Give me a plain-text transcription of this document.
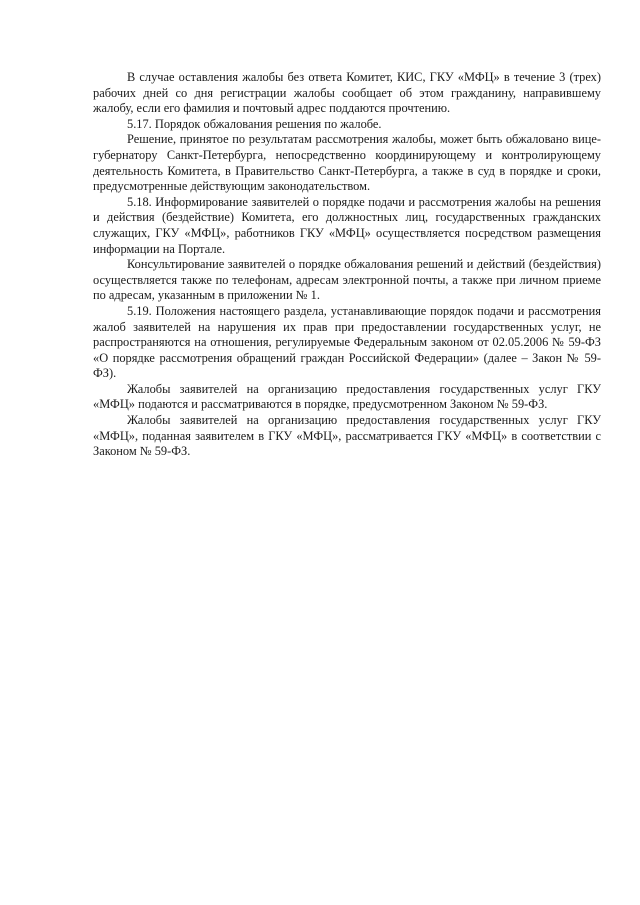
В случае оставления жалобы без ответа Комитет, КИС, ГКУ «МФЦ» в течение 3 (трех) рабочих дней со дня регистрации жалобы сообщает об этом гражданину, направившему жалобу, если его фамилия и почтовый адрес поддаются прочтению.

5.17. Порядок обжалования решения по жалобе.

Решение, принятое по результатам рассмотрения жалобы, может быть обжаловано вице-губернатору Санкт-Петербурга, непосредственно координирующему и контролирующему деятельность Комитета, в Правительство Санкт-Петербурга, а также в суд в порядке и сроки, предусмотренные действующим законодательством.

5.18. Информирование заявителей о порядке подачи и рассмотрения жалобы на решения и действия (бездействие) Комитета, его должностных лиц, государственных гражданских служащих, ГКУ «МФЦ», работников ГКУ «МФЦ» осуществляется посредством размещения информации на Портале.

Консультирование заявителей о порядке обжалования решений и действий (бездействия) осуществляется также по телефонам, адресам электронной почты, а также при личном приеме по адресам, указанным в приложении № 1.

5.19. Положения настоящего раздела, устанавливающие порядок подачи и рассмотрения жалоб заявителей на нарушения их прав при предоставлении государственных услуг, не распространяются на отношения, регулируемые Федеральным законом от 02.05.2006 № 59-ФЗ «О порядке рассмотрения обращений граждан Российской Федерации» (далее – Закон № 59-ФЗ).

Жалобы заявителей на организацию предоставления государственных услуг ГКУ «МФЦ» подаются и рассматриваются в порядке, предусмотренном Законом № 59-ФЗ.

Жалобы заявителей на организацию предоставления государственных услуг ГКУ «МФЦ», поданная заявителем в ГКУ «МФЦ», рассматривается ГКУ «МФЦ» в соответствии с Законом № 59-ФЗ.
